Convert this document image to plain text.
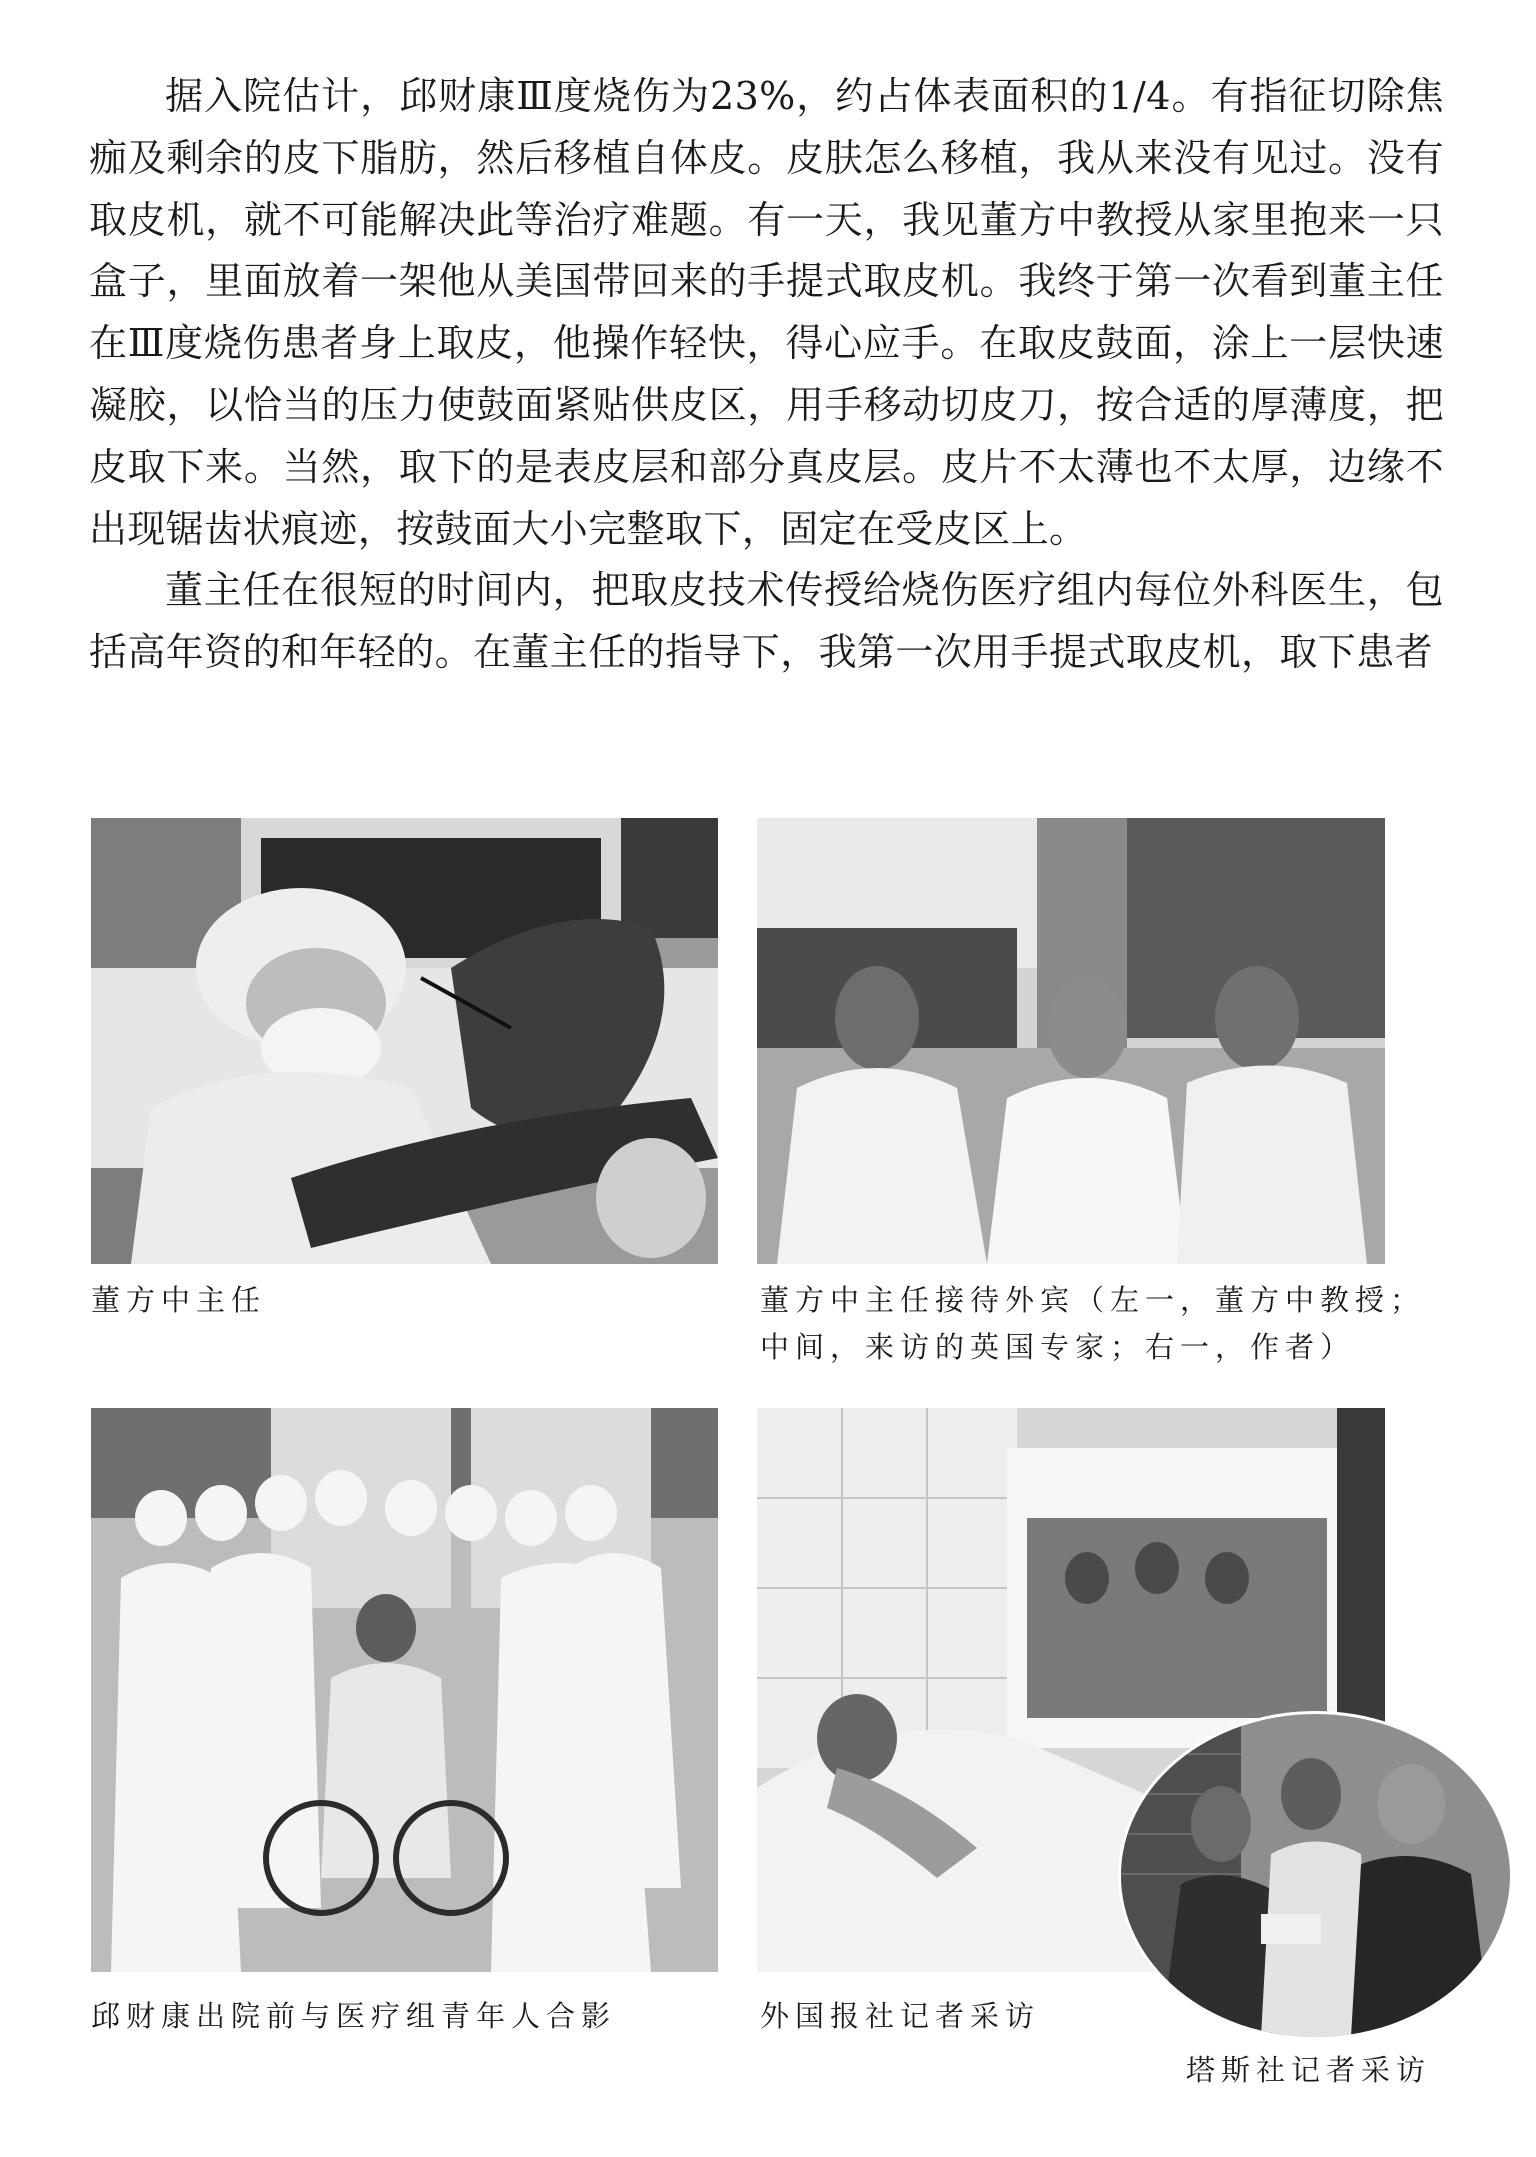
据入院估计，邱财康Ⅲ度烧伤为23%，约占体表面积的1/4。有指征切除焦痂及剩余的皮下脂肪，然后移植自体皮。皮肤怎么移植，我从来没有见过。没有取皮机，就不可能解决此等治疗难题。有一天，我见董方中教授从家里抱来一只盒子，里面放着一架他从美国带回来的手提式取皮机。我终于第一次看到董主任在Ⅲ度烧伤患者身上取皮，他操作轻快，得心应手。在取皮鼓面，涂上一层快速凝胶，以恰当的压力使鼓面紧贴供皮区，用手移动切皮刀，按合适的厚薄度，把皮取下来。当然，取下的是表皮层和部分真皮层。皮片不太薄也不太厚，边缘不出现锯齿状痕迹，按鼓面大小完整取下，固定在受皮区上。

董主任在很短的时间内，把取皮技术传授给烧伤医疗组内每位外科医生，包括高年资的和年轻的。在董主任的指导下，我第一次用手提式取皮机，取下患者

董方中主任	董方中主任接待外宾（左一，董方中教授；
中间，来访的英国专家；右一，作者）
邱财康出院前与医疗组青年人合影	外国报社记者采访
塔斯社记者采访
